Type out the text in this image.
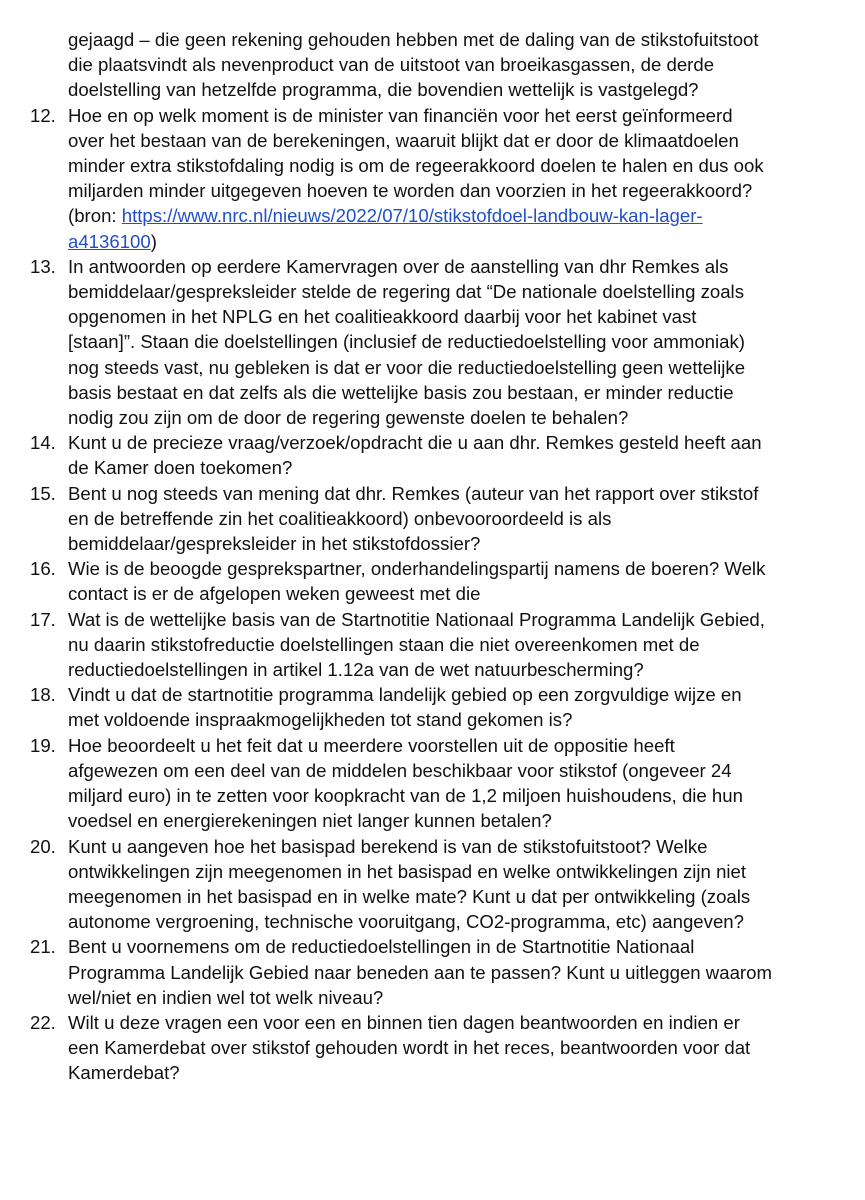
gejaagd – die geen rekening gehouden hebben met de daling van de stikstofuitstoot
die plaatsvindt als nevenproduct van de uitstoot van broeikasgassen, de derde
doelstelling van hetzelfde programma, die bovendien wettelijk is vastgelegd?
12. Hoe en op welk moment is de minister van financiën voor het eerst geïnformeerd
over het bestaan van de berekeningen, waaruit blijkt dat er door de klimaatdoelen
minder extra stikstofdaling nodig is om de regeerakkoord doelen te halen en dus ook
miljarden minder uitgegeven hoeven te worden dan voorzien in het regeerakkoord?
(bron: https://www.nrc.nl/nieuws/2022/07/10/stikstofdoel-landbouw-kan-lager-
a4136100)
13. In antwoorden op eerdere Kamervragen over de aanstelling van dhr Remkes als
bemiddelaar/gespreksleider stelde de regering dat “De nationale doelstelling zoals
opgenomen in het NPLG en het coalitieakkoord daarbij voor het kabinet vast
[staan]”. Staan die doelstellingen (inclusief de reductiedoelstelling voor ammoniak)
nog steeds vast, nu gebleken is dat er voor die reductiedoelstelling geen wettelijke
basis bestaat en dat zelfs als die wettelijke basis zou bestaan, er minder reductie
nodig zou zijn om de door de regering gewenste doelen te behalen?
14. Kunt u de precieze vraag/verzoek/opdracht die u aan dhr. Remkes gesteld heeft aan
de Kamer doen toekomen?
15. Bent u nog steeds van mening dat dhr. Remkes (auteur van het rapport over stikstof
en de betreffende zin het coalitieakkoord) onbevooroordeeld is als
bemiddelaar/gespreksleider in het stikstofdossier?
16. Wie is de beoogde gesprekspartner, onderhandelingspartij namens de boeren? Welk
contact is er de afgelopen weken geweest met die
17. Wat is de wettelijke basis van de Startnotitie Nationaal Programma Landelijk Gebied,
nu daarin stikstofreductie doelstellingen staan die niet overeenkomen met de
reductiedoelstellingen in artikel 1.12a van de wet natuurbescherming?
18. Vindt u dat de startnotitie programma landelijk gebied op een zorgvuldige wijze en
met voldoende inspraakmogelijkheden tot stand gekomen is?
19. Hoe beoordeelt u het feit dat u meerdere voorstellen uit de oppositie heeft
afgewezen om een deel van de middelen beschikbaar voor stikstof (ongeveer 24
miljard euro) in te zetten voor koopkracht van de 1,2 miljoen huishoudens, die hun
voedsel en energierekeningen niet langer kunnen betalen?
20. Kunt u aangeven hoe het basispad berekend is van de stikstofuitstoot? Welke
ontwikkelingen zijn meegenomen in het basispad en welke ontwikkelingen zijn niet
meegenomen in het basispad en in welke mate? Kunt u dat per ontwikkeling (zoals
autonome vergroening, technische vooruitgang, CO2-programma, etc) aangeven?
21. Bent u voornemens om de reductiedoelstellingen in de Startnotitie Nationaal
Programma Landelijk Gebied naar beneden aan te passen? Kunt u uitleggen waarom
wel/niet en indien wel tot welk niveau?
22. Wilt u deze vragen een voor een en binnen tien dagen beantwoorden en indien er
een Kamerdebat over stikstof gehouden wordt in het reces, beantwoorden voor dat
Kamerdebat?
